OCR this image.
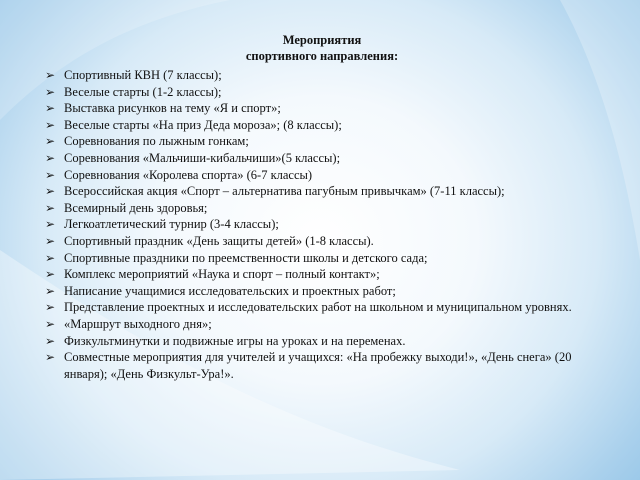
Мероприятия
спортивного направления:
➢ Спортивный КВН (7 классы);
➢ Веселые старты (1-2 классы);
➢ Выставка рисунков на тему «Я и спорт»;
➢ Веселые старты «На приз Деда мороза»; (8 классы);
➢ Соревнования по лыжным гонкам;
➢ Соревнования «Мальчиши-кибальчиши»(5 классы);
➢ Соревнования «Королева спорта» (6-7 классы)
➢ Всероссийская акция «Спорт – альтернатива пагубным привычкам» (7-11 классы);
➢ Всемирный день здоровья;
➢ Легкоатлетический турнир (3-4 классы);
➢ Спортивный праздник «День защиты детей» (1-8 классы).
➢ Спортивные праздники по преемственности школы и детского сада;
➢ Комплекс мероприятий «Наука и спорт – полный контакт»;
➢ Написание учащимися исследовательских и проектных работ;
➢ Представление проектных и исследовательских работ на школьном и муниципальном уровнях.
➢ «Маршрут выходного дня»;
➢ Физкультминутки и подвижные игры на уроках и на переменах.
➢ Совместные мероприятия для учителей и учащихся: «На пробежку выходи!», «День снега» (20 января); «День Физкульт-Ура!».
